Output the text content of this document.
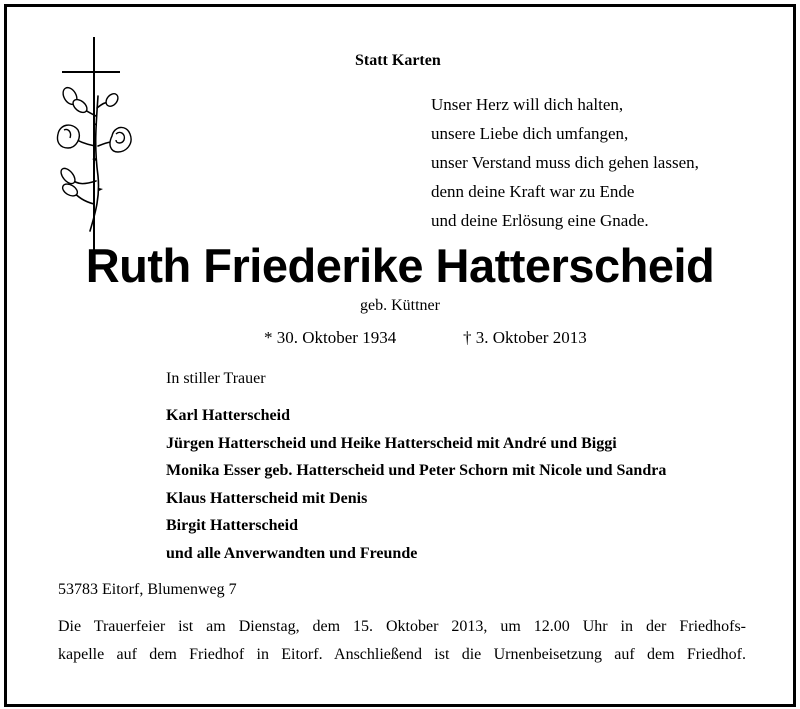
Statt Karten
Unser Herz will dich halten,
unsere Liebe dich umfangen,
unser Verstand muss dich gehen lassen,
denn deine Kraft war zu Ende
und deine Erlösung eine Gnade.
Ruth Friederike Hatterscheid
geb. Küttner
* 30. Oktober 1934	† 3. Oktober 2013
In stiller Trauer
Karl Hatterscheid
Jürgen Hatterscheid und Heike Hatterscheid mit André und Biggi
Monika Esser geb. Hatterscheid und Peter Schorn mit Nicole und Sandra
Klaus Hatterscheid mit Denis
Birgit Hatterscheid
und alle Anverwandten und Freunde
53783 Eitorf, Blumenweg 7
Die Trauerfeier ist am Dienstag, dem 15. Oktober 2013, um 12.00 Uhr in der Friedhofs-
kapelle auf dem Friedhof in Eitorf. Anschließend ist die Urnenbeisetzung auf dem Friedhof.
